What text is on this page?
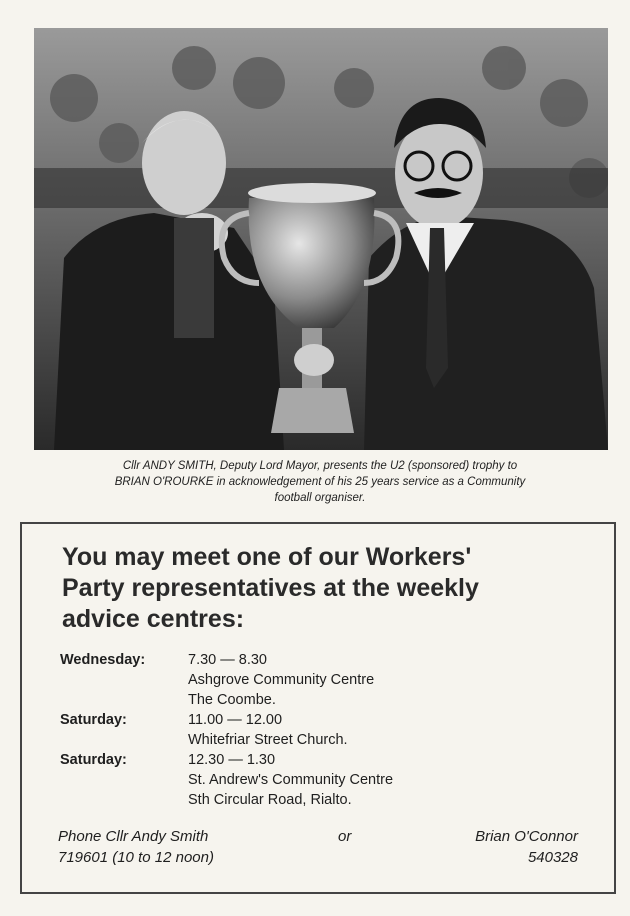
Cllr ANDY SMITH, Deputy Lord Mayor, presents the U2 (sponsored) trophy to
BRIAN O'ROURKE in acknowledgement of his 25 years service as a Community
football organiser.
You may meet one of our Workers'
Party representatives at the weekly
advice centres:
Wednesday:	7.30 — 8.30
Ashgrove Community Centre
The Coombe.
Saturday:	11.00 — 12.00
Whitefriar Street Church.
Saturday:	12.30 — 1.30
St. Andrew's Community Centre
Sth Circular Road, Rialto.
Phone Cllr Andy Smith
719601 (10 to 12 noon)
or	Brian O'Connor
540328
